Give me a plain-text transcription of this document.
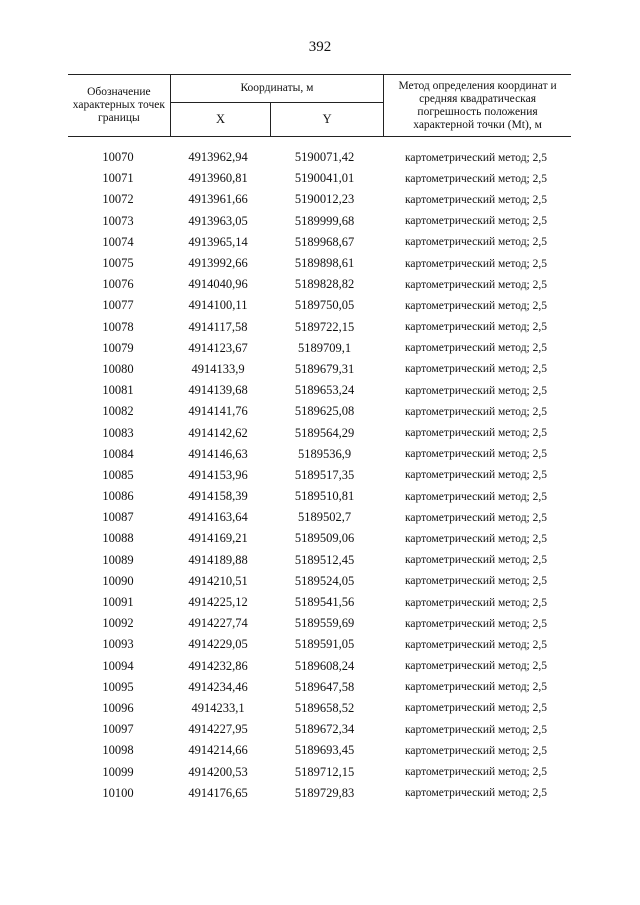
392
Обозначение характерных точек границы	Координаты, м		Метод определения координат и средняя квадратическая погрешность положения характерной точки (Mt), м
	X	Y	
10070	4913962,94	5190071,42	картометрический метод; 2,5
10071	4913960,81	5190041,01	картометрический метод; 2,5
10072	4913961,66	5190012,23	картометрический метод; 2,5
10073	4913963,05	5189999,68	картометрический метод; 2,5
10074	4913965,14	5189968,67	картометрический метод; 2,5
10075	4913992,66	5189898,61	картометрический метод; 2,5
10076	4914040,96	5189828,82	картометрический метод; 2,5
10077	4914100,11	5189750,05	картометрический метод; 2,5
10078	4914117,58	5189722,15	картометрический метод; 2,5
10079	4914123,67	5189709,1	картометрический метод; 2,5
10080	4914133,9	5189679,31	картометрический метод; 2,5
10081	4914139,68	5189653,24	картометрический метод; 2,5
10082	4914141,76	5189625,08	картометрический метод; 2,5
10083	4914142,62	5189564,29	картометрический метод; 2,5
10084	4914146,63	5189536,9	картометрический метод; 2,5
10085	4914153,96	5189517,35	картометрический метод; 2,5
10086	4914158,39	5189510,81	картометрический метод; 2,5
10087	4914163,64	5189502,7	картометрический метод; 2,5
10088	4914169,21	5189509,06	картометрический метод; 2,5
10089	4914189,88	5189512,45	картометрический метод; 2,5
10090	4914210,51	5189524,05	картометрический метод; 2,5
10091	4914225,12	5189541,56	картометрический метод; 2,5
10092	4914227,74	5189559,69	картометрический метод; 2,5
10093	4914229,05	5189591,05	картометрический метод; 2,5
10094	4914232,86	5189608,24	картометрический метод; 2,5
10095	4914234,46	5189647,58	картометрический метод; 2,5
10096	4914233,1	5189658,52	картометрический метод; 2,5
10097	4914227,95	5189672,34	картометрический метод; 2,5
10098	4914214,66	5189693,45	картометрический метод; 2,5
10099	4914200,53	5189712,15	картометрический метод; 2,5
10100	4914176,65	5189729,83	картометрический метод; 2,5
